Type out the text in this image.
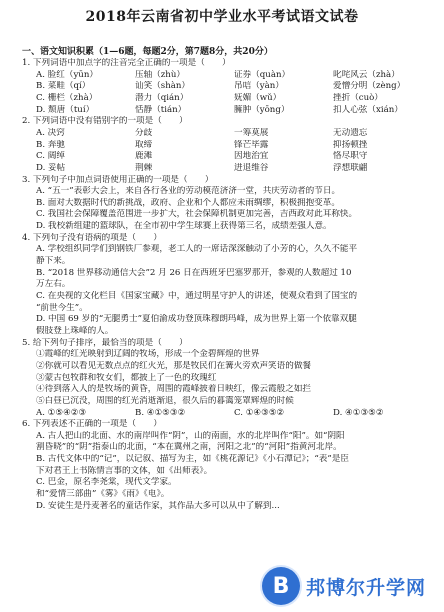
2018年云南省初中学业水平考试语文试卷
一、语文知识积累（1—6题，每题2分，第7题8分，共20分）
1. 下列词语中加点字的注音完全正确的一项是（　　）
A. 脸红（yūn）	压轴（zhù）	证券（quàn）	叱咤风云（zhà）
B. 菜畦（qí）	讪笑（shàn）	吊唁（yàn）	爱憎分明（zèng）
C. 栅栏（zhà）	潜力（qián）	妩媚（wǔ）	挫折（cuò）
D. 颓唐（tuí）	恬静（tián）	臃肿（yōng）	扣人心弦（xián）
2. 下列词语中没有错别字的一项是（　　）
A. 决窍	分歧	一筹莫展	无动遗忘
B. 奔驰	取缔	锋芒毕露	抑扬顿挫
C. 阔绰	鹿滩	因地治宜	恪尽职守
D. 妥帖	荆棘	进退维谷	浮想联翩
3. 下列句子中加点词语使用正确的一项是（　　）
A. “五一”表彰大会上，来自各行各业的劳动模范济济一堂，共庆劳动者的节日。
B. 面对大数据时代的新挑战，政府、企业和个人都应未雨绸缪，积极拥抱变革。
C. 我国社会保障覆盖范围进一步扩大，社会保障机制更加完善，吉西政对此耳称快。
D. 我校新组建的篮球队，在全市初中学生球赛上获得第三名，成绩差强人意。
4. 下列句子没有语病的项是（　　）
A. 学校组织同学们到钢铁厂参观，老工人的一席话深深触动了小芳的心，久久不能平
静下来。
B. “2018 世界移动通信大会”2 月 26 日在西班牙巴塞罗那开，参观的人数超过 10
万左右。
C. 在央视的文化栏目《国家宝藏》中，通过明星守护人的讲述，使观众看到了国宝的
“前世今生”。
D. 中国 69 岁的“无腿勇士”夏伯渝成功登顶珠穆朗玛峰，成为世界上第一个依靠双腿
假肢登上珠峰的人。
5. 给下列句子排序，最恰当的项是（　　）
①霞峰的红光映射到辽阔的牧场，形成一个金碧辉煌的世界
②你就可以看见无数点点的红火光，那是牧民们在篝火旁欢声笑语的做餐
③蒙古包牧群和牧女们，都披上了一色的玫瑰红
④待到落入人的是牧场的黄昏，周围的霞峰披着日映红，像云霞般之如拦
⑤白昼已沉没，周围的红光消逝渐退，很久后的暮霭笼罩辉煌的时候
A. ①⑤④②③	B. ④①⑤③②	C. ①④③⑤②	D. ④①③⑤②
6. 下列表述不正确的一项是（　　）
A. 古人把山的北面、水的南岸叫作“阴”，山的南面，水的北岸叫作“阳”。如“阴阳
割昏晓”的“阴”指泰山的北面，“本在冀州之南，河阳之北”的“河阳”指黄河北岸。
B. 古代文体中的“记”，以记叙、描写为主，如《桃花源记》《小石潭记》；“表”是臣
下对君王上书陈情言事的文体，如《出师表》。
C. 巴金，原名李尧棠，现代文学家。
和“爱情三部曲”《雾》《雨》《电》。
D. 安徒生是丹麦著名的童话作家，其作品大多可以从中了解到...
B 邦博尔升学网
